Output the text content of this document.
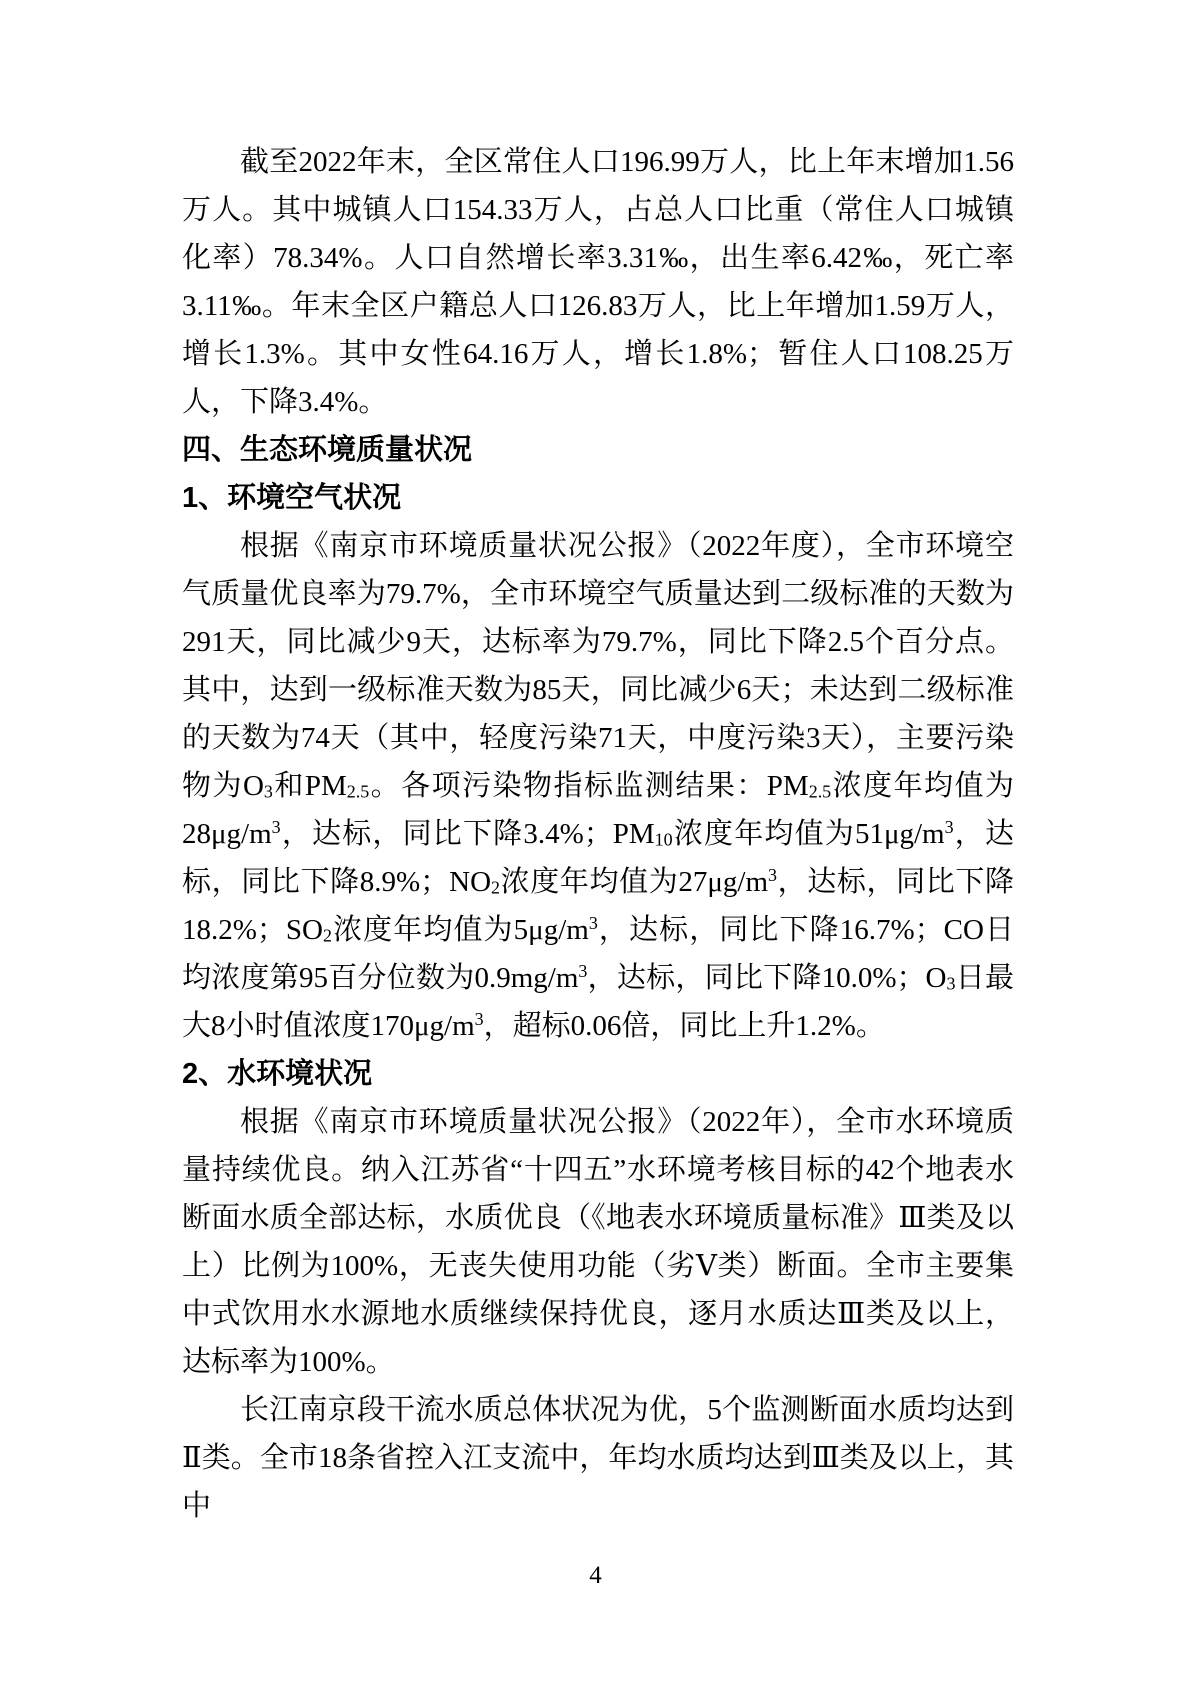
截至2022年末，全区常住人口196.99万人，比上年末增加1.56万人。其中城镇人口154.33万人，占总人口比重（常住人口城镇化率）78.34%。人口自然增长率3.31‰，出生率6.42‰，死亡率3.11‰。年末全区户籍总人口126.83万人，比上年增加1.59万人，增长1.3%。其中女性64.16万人，增长1.8%；暂住人口108.25万人，下降3.4%。

四、生态环境质量状况
1、环境空气状况

根据《南京市环境质量状况公报》（2022年度），全市环境空气质量优良率为79.7%，全市环境空气质量达到二级标准的天数为291天，同比减少9天，达标率为79.7%，同比下降2.5个百分点。其中，达到一级标准天数为85天，同比减少6天；未达到二级标准的天数为74天（其中，轻度污染71天，中度污染3天），主要污染物为$O_3$和$PM_{2.5}$。各项污染物指标监测结果：$PM_{2.5}$浓度年均值为$28\mu g/m^3$，达标，同比下降3.4%；$PM_{10}$浓度年均值为$51\mu g/m^3$，达标，同比下降8.9%；$NO_2$浓度年均值为$27\mu g/m^3$，达标，同比下降18.2%；$SO_2$浓度年均值为$5\mu g/m^3$，达标，同比下降16.7%；CO日均浓度第95百分位数为$0.9mg/m^3$，达标，同比下降10.0%；$O_3$日最大8小时值浓度$170\mu g/m^3$，超标0.06倍，同比上升1.2%。

2、水环境状况

根据《南京市环境质量状况公报》（2022年），全市水环境质量持续优良。纳入江苏省“十四五”水环境考核目标的42个地表水断面水质全部达标，水质优良（《地表水环境质量标准》Ⅲ类及以上）比例为100%，无丧失使用功能（劣Ⅴ类）断面。全市主要集中式饮用水水源地水质继续保持优良，逐月水质达Ⅲ类及以上，达标率为100%。

长江南京段干流水质总体状况为优，5个监测断面水质均达到Ⅱ类。全市18条省控入江支流中，年均水质均达到Ⅲ类及以上，其中

4
